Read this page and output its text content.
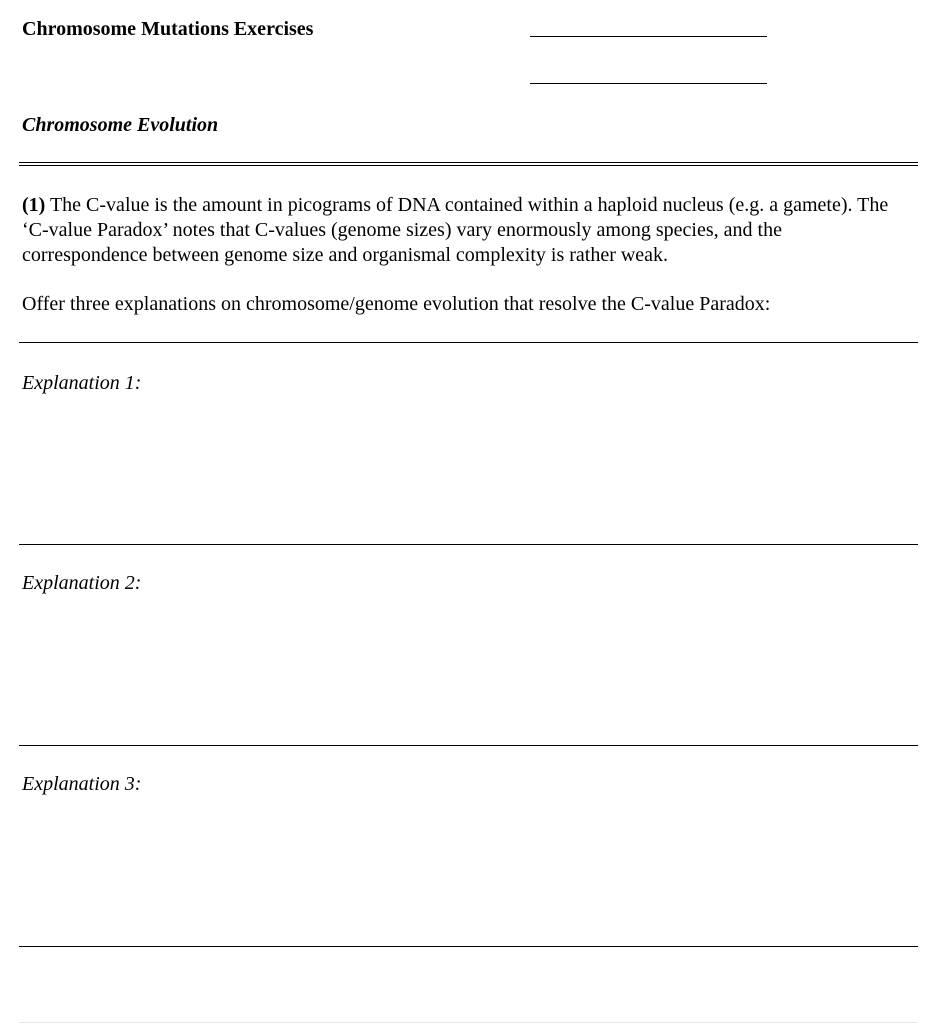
Chromosome Mutations Exercises
Chromosome Evolution
(1) The C-value is the amount in picograms of DNA contained within a haploid nucleus (e.g. a gamete). The ‘C-value Paradox’ notes that C-values (genome sizes) vary enormously among species, and the correspondence between genome size and organismal complexity is rather weak.
Offer three explanations on chromosome/genome evolution that resolve the C-value Paradox:
Explanation 1:
Explanation 2:
Explanation 3:
